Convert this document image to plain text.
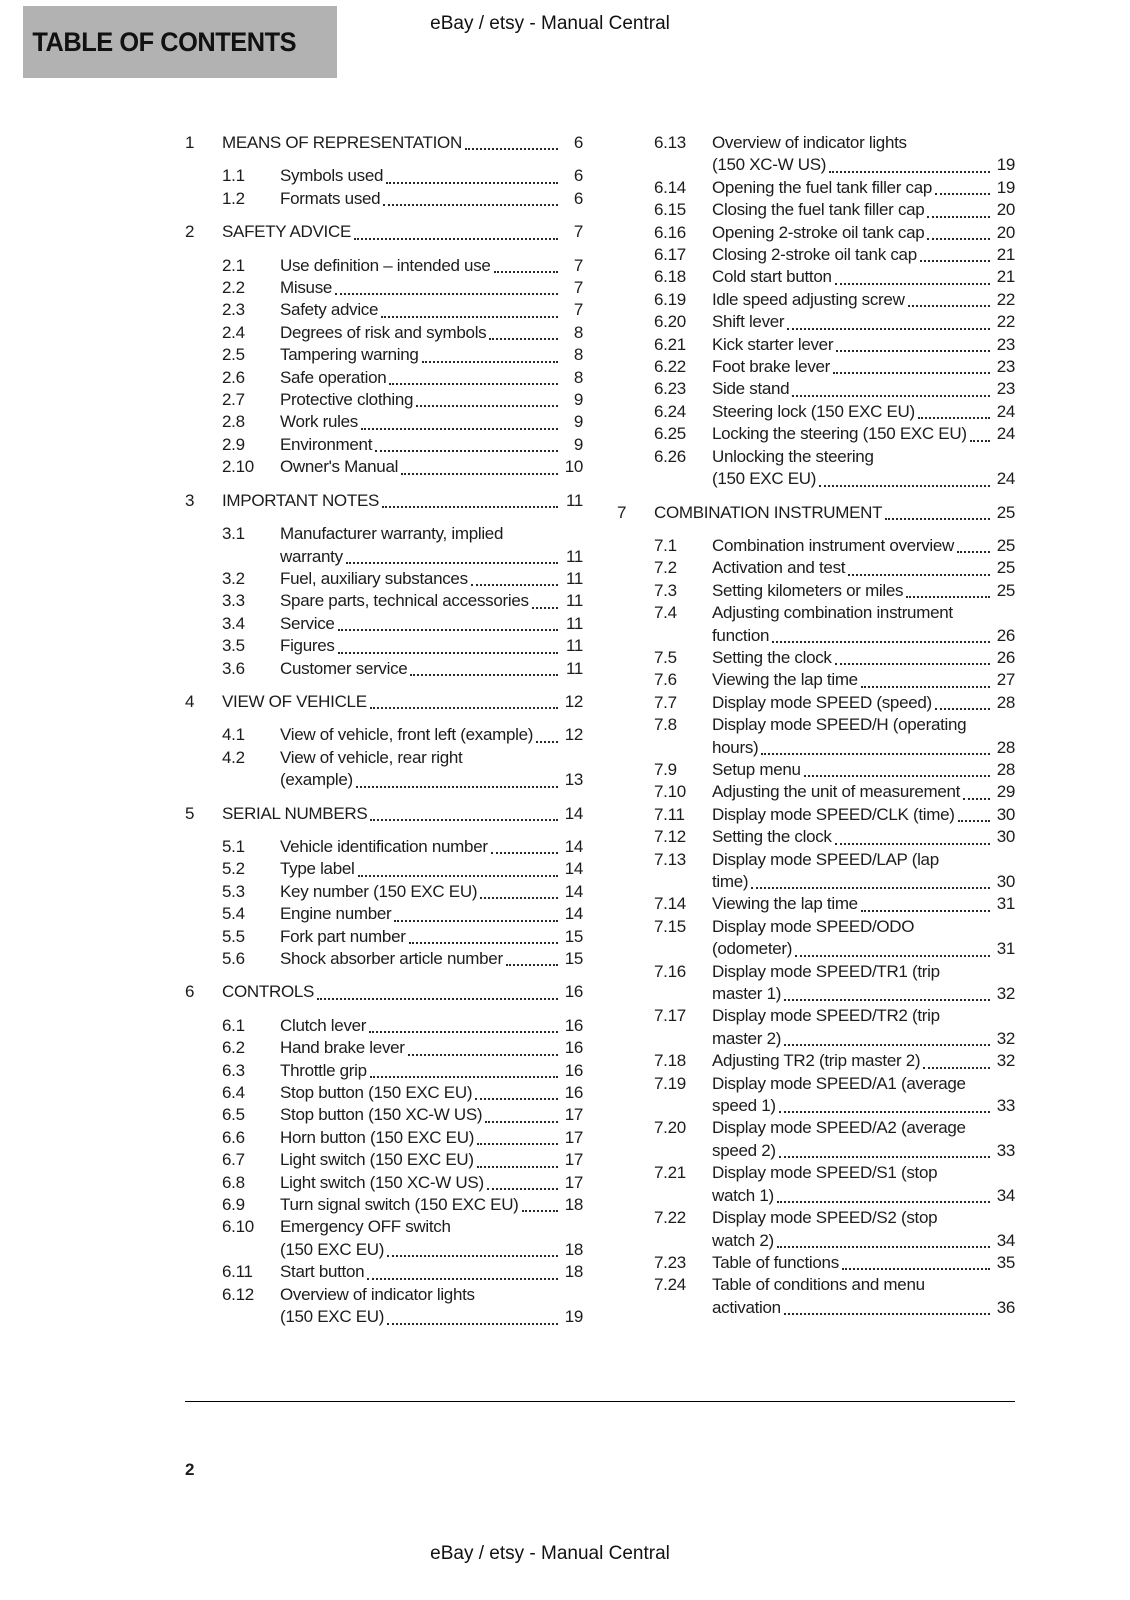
TABLE OF CONTENTS
eBay / etsy - Manual Central
1	MEANS OF REPRESENTATION	6
1.1	Symbols used	6
1.2	Formats used	6
2	SAFETY ADVICE	7
2.1	Use definition – intended use	7
2.2	Misuse	7
2.3	Safety advice	7
2.4	Degrees of risk and symbols	8
2.5	Tampering warning	8
2.6	Safe operation	8
2.7	Protective clothing	9
2.8	Work rules	9
2.9	Environment	9
2.10	Owner's Manual	10
3	IMPORTANT NOTES	11
3.1	Manufacturer warranty, implied
warranty	11
3.2	Fuel, auxiliary substances	11
3.3	Spare parts, technical accessories 11
3.4	Service	11
3.5	Figures	11
3.6	Customer service	11
4	VIEW OF VEHICLE	12
4.1	View of vehicle, front left (example) 12
4.2	View of vehicle, rear right
(example)	13
5	SERIAL NUMBERS	14
5.1	Vehicle identification number	14
5.2	Type label	14
5.3	Key number (150 EXC EU)	14
5.4	Engine number	14
5.5	Fork part number	15
5.6	Shock absorber article number	15
6	CONTROLS	16
6.1	Clutch lever	16
6.2	Hand brake lever	16
6.3	Throttle grip	16
6.4	Stop button (150 EXC EU)	16
6.5	Stop button (150 XC-W US)	17
6.6	Horn button (150 EXC EU)	17
6.7	Light switch (150 EXC EU)	17
6.8	Light switch (150 XC-W US)	17
6.9	Turn signal switch (150 EXC EU)	18
6.10	Emergency OFF switch
(150 EXC EU)	18
6.11	Start button	18
6.12	Overview of indicator lights
(150 EXC EU)	19
6.13	Overview of indicator lights
(150 XC-W US)	19
6.14	Opening the fuel tank filler cap	19
6.15	Closing the fuel tank filler cap	20
6.16	Opening 2-stroke oil tank cap	20
6.17	Closing 2-stroke oil tank cap	21
6.18	Cold start button	21
6.19	Idle speed adjusting screw	22
6.20	Shift lever	22
6.21	Kick starter lever	23
6.22	Foot brake lever	23
6.23	Side stand	23
6.24	Steering lock (150 EXC EU)	24
6.25	Locking the steering (150 EXC EU) 24
6.26	Unlocking the steering
(150 EXC EU)	24
7	COMBINATION INSTRUMENT	25
7.1	Combination instrument overview	25
7.2	Activation and test	25
7.3	Setting kilometers or miles	25
7.4	Adjusting combination instrument
function	26
7.5	Setting the clock	26
7.6	Viewing the lap time	27
7.7	Display mode SPEED (speed)	28
7.8	Display mode SPEED/H (operating
hours)	28
7.9	Setup menu	28
7.10	Adjusting the unit of measurement 29
7.11	Display mode SPEED/CLK (time) 30
7.12	Setting the clock	30
7.13	Display mode SPEED/LAP (lap
time)	30
7.14	Viewing the lap time	31
7.15	Display mode SPEED/ODO
(odometer)	31
7.16	Display mode SPEED/TR1 (trip
master 1)	32
7.17	Display mode SPEED/TR2 (trip
master 2)	32
7.18	Adjusting TR2 (trip master 2)	32
7.19	Display mode SPEED/A1 (average
speed 1)	33
7.20	Display mode SPEED/A2 (average
speed 2)	33
7.21	Display mode SPEED/S1 (stop
watch 1)	34
7.22	Display mode SPEED/S2 (stop
watch 2)	34
7.23	Table of functions	35
7.24	Table of conditions and menu
activation	36
2
eBay / etsy - Manual Central
